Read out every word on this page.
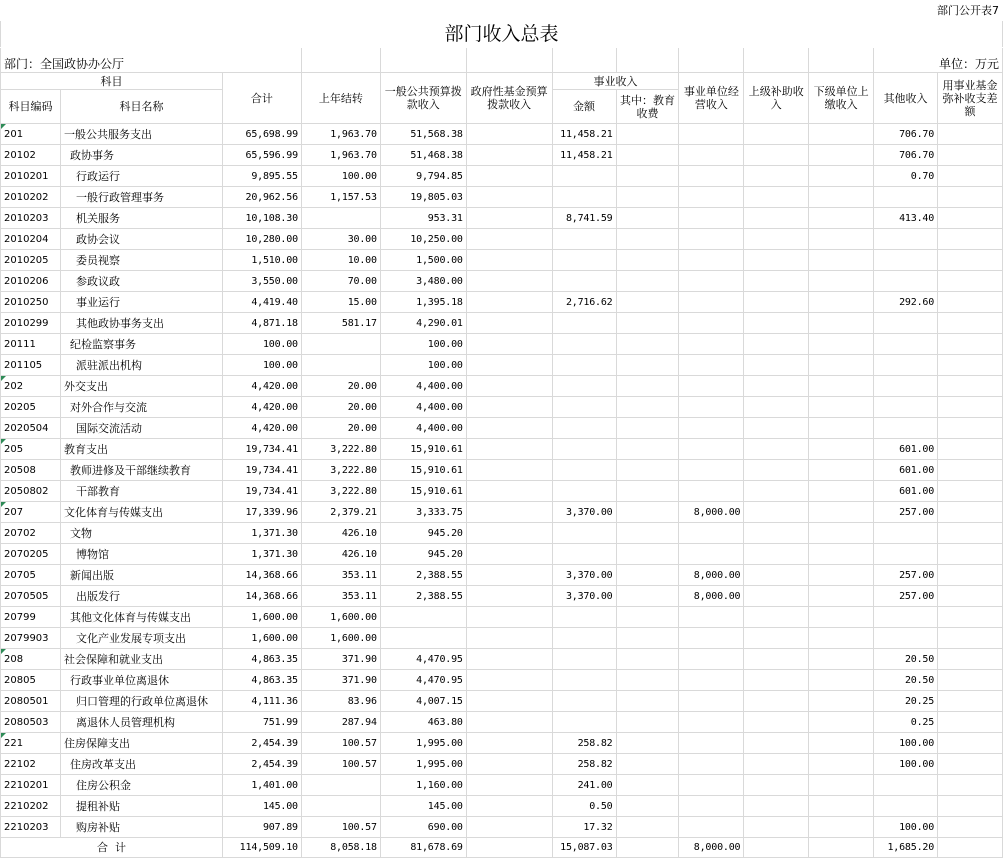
											部门公开表7	
部门收入总表												
部门：全国政协办公厅											单位：万元	
科目		合计	上年结转	一般公共预算拨款收入	政府性基金预算拨款收入	事业收入		事业单位经营收入	上级补助收入	下级单位上缴收入	其他收入	用事业基金弥补收支差额
科目编码	科目名称					金额	其中：教育收费					
201	一般公共服务支出	65,698.99	1,963.70	51,568.38		11,458.21					706.70	
20102	政协事务	65,596.99	1,963.70	51,468.38		11,458.21					706.70	
2010201	行政运行	9,895.55	100.00	9,794.85							0.70	
2010202	一般行政管理事务	20,962.56	1,157.53	19,805.03								
2010203	机关服务	10,108.30		953.31		8,741.59					413.40	
2010204	政协会议	10,280.00	30.00	10,250.00								
2010205	委员视察	1,510.00	10.00	1,500.00								
2010206	参政议政	3,550.00	70.00	3,480.00								
2010250	事业运行	4,419.40	15.00	1,395.18		2,716.62					292.60	
2010299	其他政协事务支出	4,871.18	581.17	4,290.01								
20111	纪检监察事务	100.00		100.00								
201105	派驻派出机构	100.00		100.00								
202	外交支出	4,420.00	20.00	4,400.00								
20205	对外合作与交流	4,420.00	20.00	4,400.00								
2020504	国际交流活动	4,420.00	20.00	4,400.00								
205	教育支出	19,734.41	3,222.80	15,910.61							601.00	
20508	教师进修及干部继续教育	19,734.41	3,222.80	15,910.61							601.00	
2050802	干部教育	19,734.41	3,222.80	15,910.61							601.00	
207	文化体育与传媒支出	17,339.96	2,379.21	3,333.75		3,370.00		8,000.00			257.00	
20702	文物	1,371.30	426.10	945.20								
2070205	博物馆	1,371.30	426.10	945.20								
20705	新闻出版	14,368.66	353.11	2,388.55		3,370.00		8,000.00			257.00	
2070505	出版发行	14,368.66	353.11	2,388.55		3,370.00		8,000.00			257.00	
20799	其他文化体育与传媒支出	1,600.00	1,600.00									
2079903	文化产业发展专项支出	1,600.00	1,600.00									
208	社会保障和就业支出	4,863.35	371.90	4,470.95							20.50	
20805	行政事业单位离退休	4,863.35	371.90	4,470.95							20.50	
2080501	归口管理的行政单位离退休	4,111.36	83.96	4,007.15							20.25	
2080503	离退休人员管理机构	751.99	287.94	463.80							0.25	
221	住房保障支出	2,454.39	100.57	1,995.00		258.82					100.00	
22102	住房改革支出	2,454.39	100.57	1,995.00		258.82					100.00	
2210201	住房公积金	1,401.00		1,160.00		241.00						
2210202	提租补贴	145.00		145.00		0.50						
2210203	购房补贴	907.89	100.57	690.00		17.32					100.00	
合  计		114,509.10	8,058.18	81,678.69		15,087.03		8,000.00			1,685.20	
